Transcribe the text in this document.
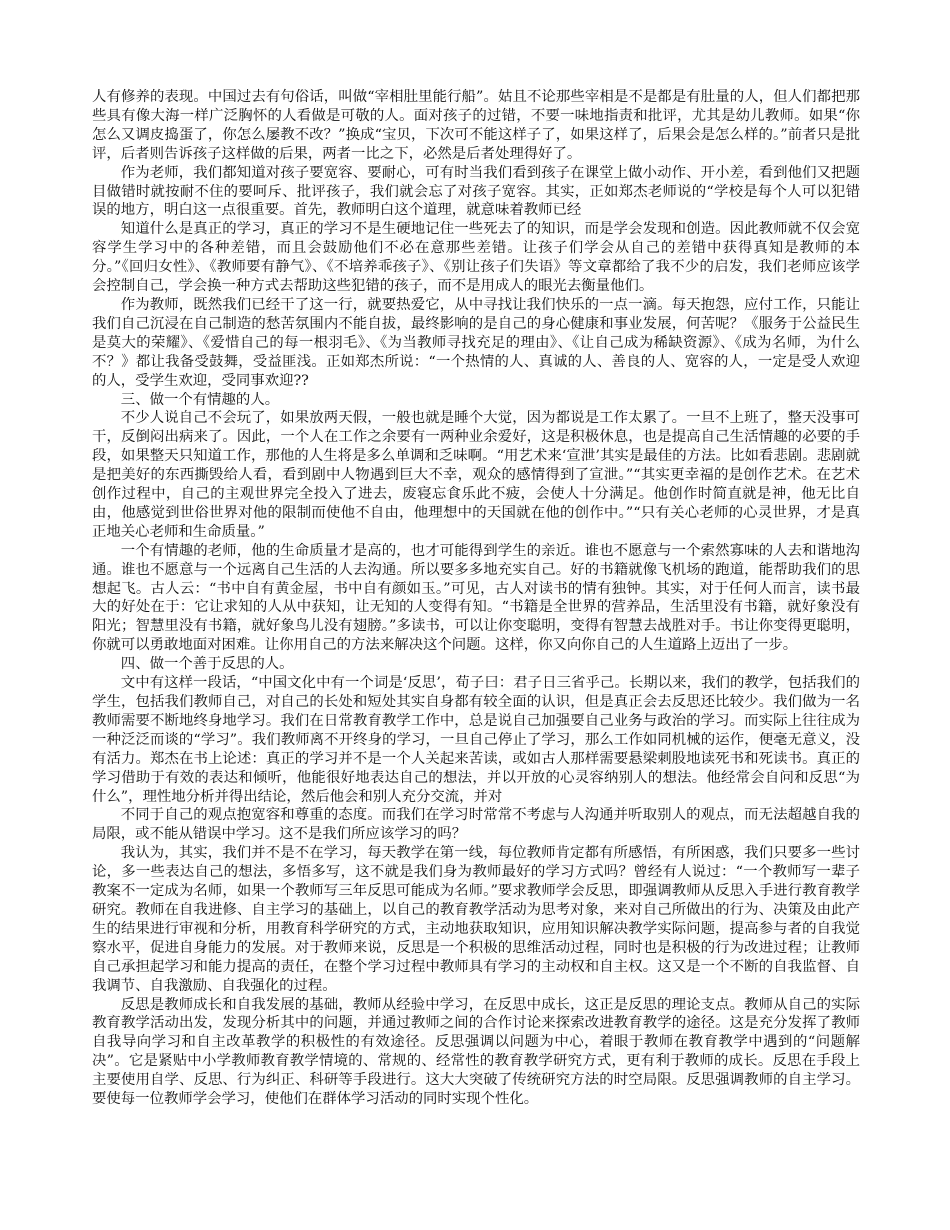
人有修养的表现。中国过去有句俗话，叫做“宰相肚里能行船”。姑且不论那些宰相是不是都是有肚量的人，但人们都把那些具有像大海一样广泛胸怀的人看做是可敬的人。面对孩子的过错，不要一味地指责和批评，尤其是幼儿教师。如果“你怎么又调皮捣蛋了，你怎么屡教不改？”换成“宝贝，下次可不能这样子了，如果这样了，后果会是怎么样的。”前者只是批评，后者则告诉孩子这样做的后果，两者一比之下，必然是后者处理得好了。

作为老师，我们都知道对孩子要宽容、要耐心，可有时当我们看到孩子在课堂上做小动作、开小差，看到他们又把题目做错时就按耐不住的要呵斥、批评孩子，我们就会忘了对孩子宽容。其实，正如郑杰老师说的“学校是每个人可以犯错误的地方，明白这一点很重要。首先，教师明白这个道理，就意味着教师已经

知道什么是真正的学习，真正的学习不是生硬地记住一些死去了的知识，而是学会发现和创造。因此教师就不仅会宽容学生学习中的各种差错，而且会鼓励他们不必在意那些差错。让孩子们学会从自己的差错中获得真知是教师的本分。”《回归女性》、《教师要有静气》、《不培养乖孩子》、《别让孩子们失语》等文章都给了我不少的启发，我们老师应该学会控制自己，学会换一种方式去帮助这些犯错的孩子，而不是用成人的眼光去衡量他们。

作为教师，既然我们已经干了这一行，就要热爱它，从中寻找让我们快乐的一点一滴。每天抱怨，应付工作，只能让我们自己沉浸在自己制造的愁苦氛围内不能自拔，最终影响的是自己的身心健康和事业发展，何苦呢？《服务于公益民生是莫大的荣耀》、《爱惜自己的每一根羽毛》、《为当教师寻找充足的理由》、《让自己成为稀缺资源》、《成为名师，为什么不？》都让我备受鼓舞，受益匪浅。正如郑杰所说：“一个热情的人、真诚的人、善良的人、宽容的人，一定是受人欢迎的人，受学生欢迎，受同事欢迎??

三、做一个有情趣的人。

不少人说自己不会玩了，如果放两天假，一般也就是睡个大觉，因为都说是工作太累了。一旦不上班了，整天没事可干，反倒闷出病来了。因此，一个人在工作之余要有一两种业余爱好，这是积极休息，也是提高自己生活情趣的必要的手段，如果整天只知道工作，那他的人生将是多么单调和乏味啊。“用艺术来‘宣泄’其实是最佳的方法。比如看悲剧。悲剧就是把美好的东西撕毁给人看，看到剧中人物遇到巨大不幸，观众的感情得到了宣泄。”“其实更幸福的是创作艺术。在艺术创作过程中，自己的主观世界完全投入了进去，废寝忘食乐此不疲，会使人十分满足。他创作时简直就是神，他无比自由，他感觉到世俗世界对他的限制而使他不自由，他理想中的天国就在他的创作中。”“只有关心老师的心灵世界，才是真正地关心老师和生命质量。”

一个有情趣的老师，他的生命质量才是高的，也才可能得到学生的亲近。谁也不愿意与一个索然寡味的人去和谐地沟通。谁也不愿意与一个远离自己生活的人去沟通。所以要多多地充实自己。好的书籍就像飞机场的跑道，能帮助我们的思想起飞。古人云：“书中自有黄金屋，书中自有颜如玉。”可见，古人对读书的情有独钟。其实，对于任何人而言，读书最大的好处在于：它让求知的人从中获知，让无知的人变得有知。“书籍是全世界的营养品，生活里没有书籍，就好象没有阳光；智慧里没有书籍，就好象鸟儿没有翅膀。”多读书，可以让你变聪明，变得有智慧去战胜对手。书让你变得更聪明，你就可以勇敢地面对困难。让你用自己的方法来解决这个问题。这样，你又向你自己的人生道路上迈出了一步。

四、做一个善于反思的人。

文中有这样一段话，“中国文化中有一个词是‘反思’，荀子曰：君子日三省乎己。长期以来，我们的教学，包括我们的学生，包括我们教师自己，对自己的长处和短处其实自身都有较全面的认识，但是真正会去反思还比较少。我们做为一名教师需要不断地终身地学习。我们在日常教育教学工作中，总是说自己加强要自己业务与政治的学习。而实际上往往成为一种泛泛而谈的“学习”。我们教师离不开终身的学习，一旦自己停止了学习，那么工作如同机械的运作，便毫无意义，没有活力。郑杰在书上论述：真正的学习并不是一个人关起来苦读，或如古人那样需要悬梁刺股地读死书和死读书。真正的学习借助于有效的表达和倾听，他能很好地表达自己的想法，并以开放的心灵容纳别人的想法。他经常会自问和反思“为什么”，理性地分析并得出结论，然后他会和别人充分交流，并对

不同于自己的观点抱宽容和尊重的态度。而我们在学习时常常不考虑与人沟通并听取别人的观点，而无法超越自我的局限，或不能从错误中学习。这不是我们所应该学习的吗？

我认为，其实，我们并不是不在学习，每天教学在第一线，每位教师肯定都有所感悟，有所困惑，我们只要多一些讨论，多一些表达自己的想法，多悟多写，这不就是我们身为教师最好的学习方式吗？曾经有人说过：“一个教师写一辈子教案不一定成为名师，如果一个教师写三年反思可能成为名师。”要求教师学会反思，即强调教师从反思入手进行教育教学研究。教师在自我进修、自主学习的基础上，以自己的教育教学活动为思考对象，来对自己所做出的行为、决策及由此产生的结果进行审视和分析，用教育科学研究的方式，主动地获取知识，应用知识解决教学实际问题，提高参与者的自我觉察水平，促进自身能力的发展。对于教师来说，反思是一个积极的思维活动过程，同时也是积极的行为改进过程；让教师自己承担起学习和能力提高的责任，在整个学习过程中教师具有学习的主动权和自主权。这又是一个不断的自我监督、自我调节、自我激励、自我强化的过程。

反思是教师成长和自我发展的基础，教师从经验中学习，在反思中成长，这正是反思的理论支点。教师从自己的实际教育教学活动出发，发现分析其中的问题，并通过教师之间的合作讨论来探索改进教育教学的途径。这是充分发挥了教师自我导向学习和自主改革教学的积极性的有效途径。反思强调以问题为中心，着眼于教师在教育教学中遇到的“问题解决”。它是紧贴中小学教师教育教学情境的、常规的、经常性的教育教学研究方式，更有利于教师的成长。反思在手段上主要使用自学、反思、行为纠正、科研等手段进行。这大大突破了传统研究方法的时空局限。反思强调教师的自主学习。要使每一位教师学会学习，使他们在群体学习活动的同时实现个性化。
